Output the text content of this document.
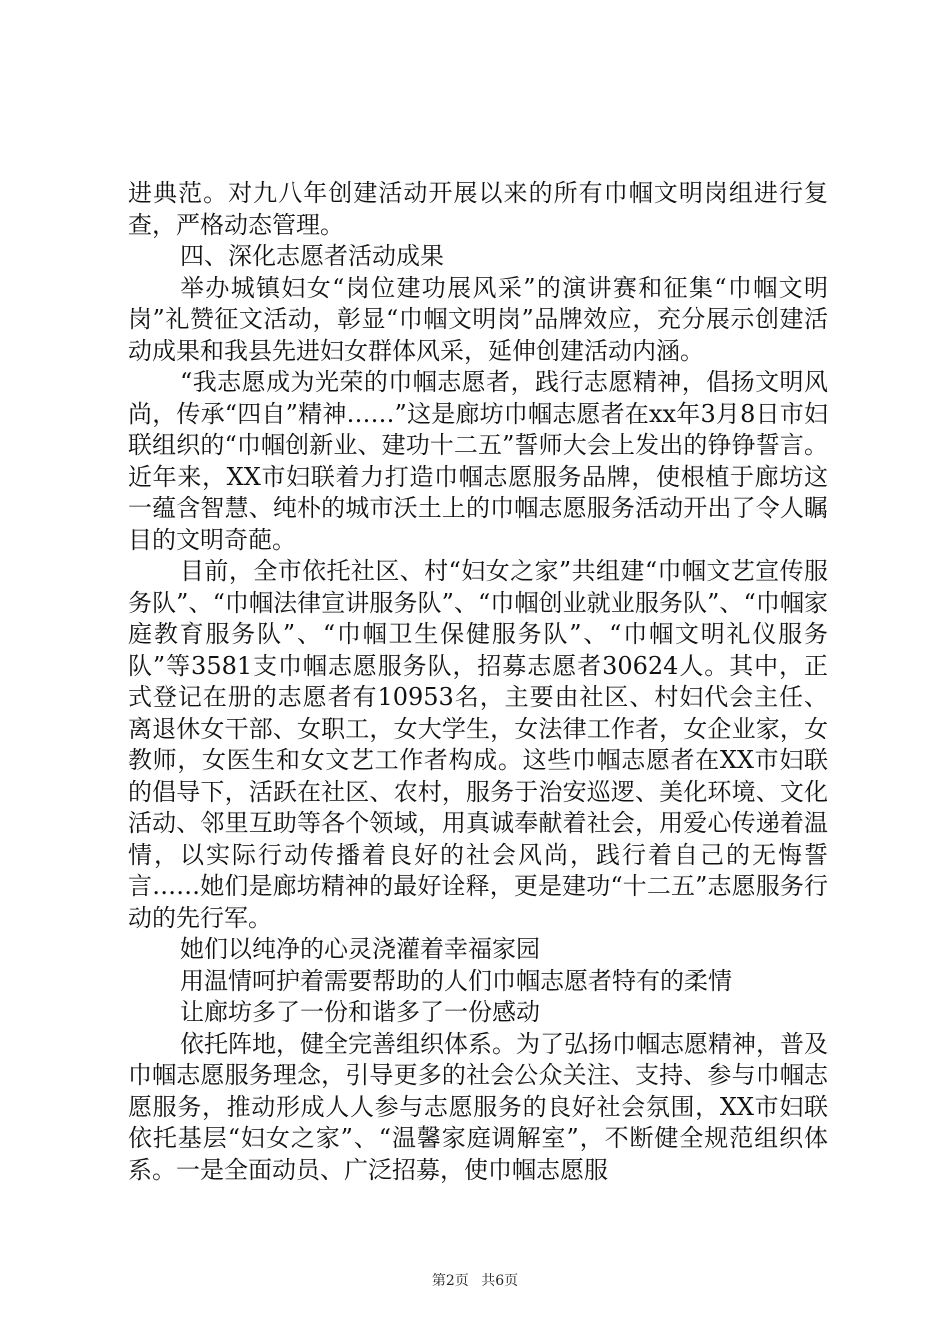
进典范。对九八年创建活动开展以来的所有巾帼文明岗组进行复查，严格动态管理。

四、深化志愿者活动成果

举办城镇妇女“岗位建功展风采”的演讲赛和征集“巾帼文明岗”礼赞征文活动，彰显“巾帼文明岗”品牌效应，充分展示创建活动成果和我县先进妇女群体风采，延伸创建活动内涵。

“我志愿成为光荣的巾帼志愿者，践行志愿精神，倡扬文明风尚，传承“四自”精神……”这是廊坊巾帼志愿者在xx年3月8日市妇联组织的“巾帼创新业、建功十二五”誓师大会上发出的铮铮誓言。近年来，XX市妇联着力打造巾帼志愿服务品牌，使根植于廊坊这一蕴含智慧、纯朴的城市沃土上的巾帼志愿服务活动开出了令人瞩目的文明奇葩。

目前，全市依托社区、村“妇女之家”共组建“巾帼文艺宣传服务队”、“巾帼法律宣讲服务队”、“巾帼创业就业服务队”、“巾帼家庭教育服务队”、“巾帼卫生保健服务队”、“巾帼文明礼仪服务队”等3581支巾帼志愿服务队，招募志愿者30624人。其中，正式登记在册的志愿者有10953名，主要由社区、村妇代会主任、离退休女干部、女职工，女大学生，女法律工作者，女企业家，女教师，女医生和女文艺工作者构成。这些巾帼志愿者在XX市妇联的倡导下，活跃在社区、农村，服务于治安巡逻、美化环境、文化活动、邻里互助等各个领域，用真诚奉献着社会，用爱心传递着温情，以实际行动传播着良好的社会风尚，践行着自己的无悔誓言……她们是廊坊精神的最好诠释，更是建功“十二五”志愿服务行动的先行军。

她们以纯净的心灵浇灌着幸福家园

用温情呵护着需要帮助的人们巾帼志愿者特有的柔情

让廊坊多了一份和谐多了一份感动

依托阵地，健全完善组织体系。为了弘扬巾帼志愿精神，普及巾帼志愿服务理念，引导更多的社会公众关注、支持、参与巾帼志愿服务，推动形成人人参与志愿服务的良好社会氛围，XX市妇联依托基层“妇女之家”、“温馨家庭调解室”，不断健全规范组织体系。一是全面动员、广泛招募，使巾帼志愿服

第2页 共6页
